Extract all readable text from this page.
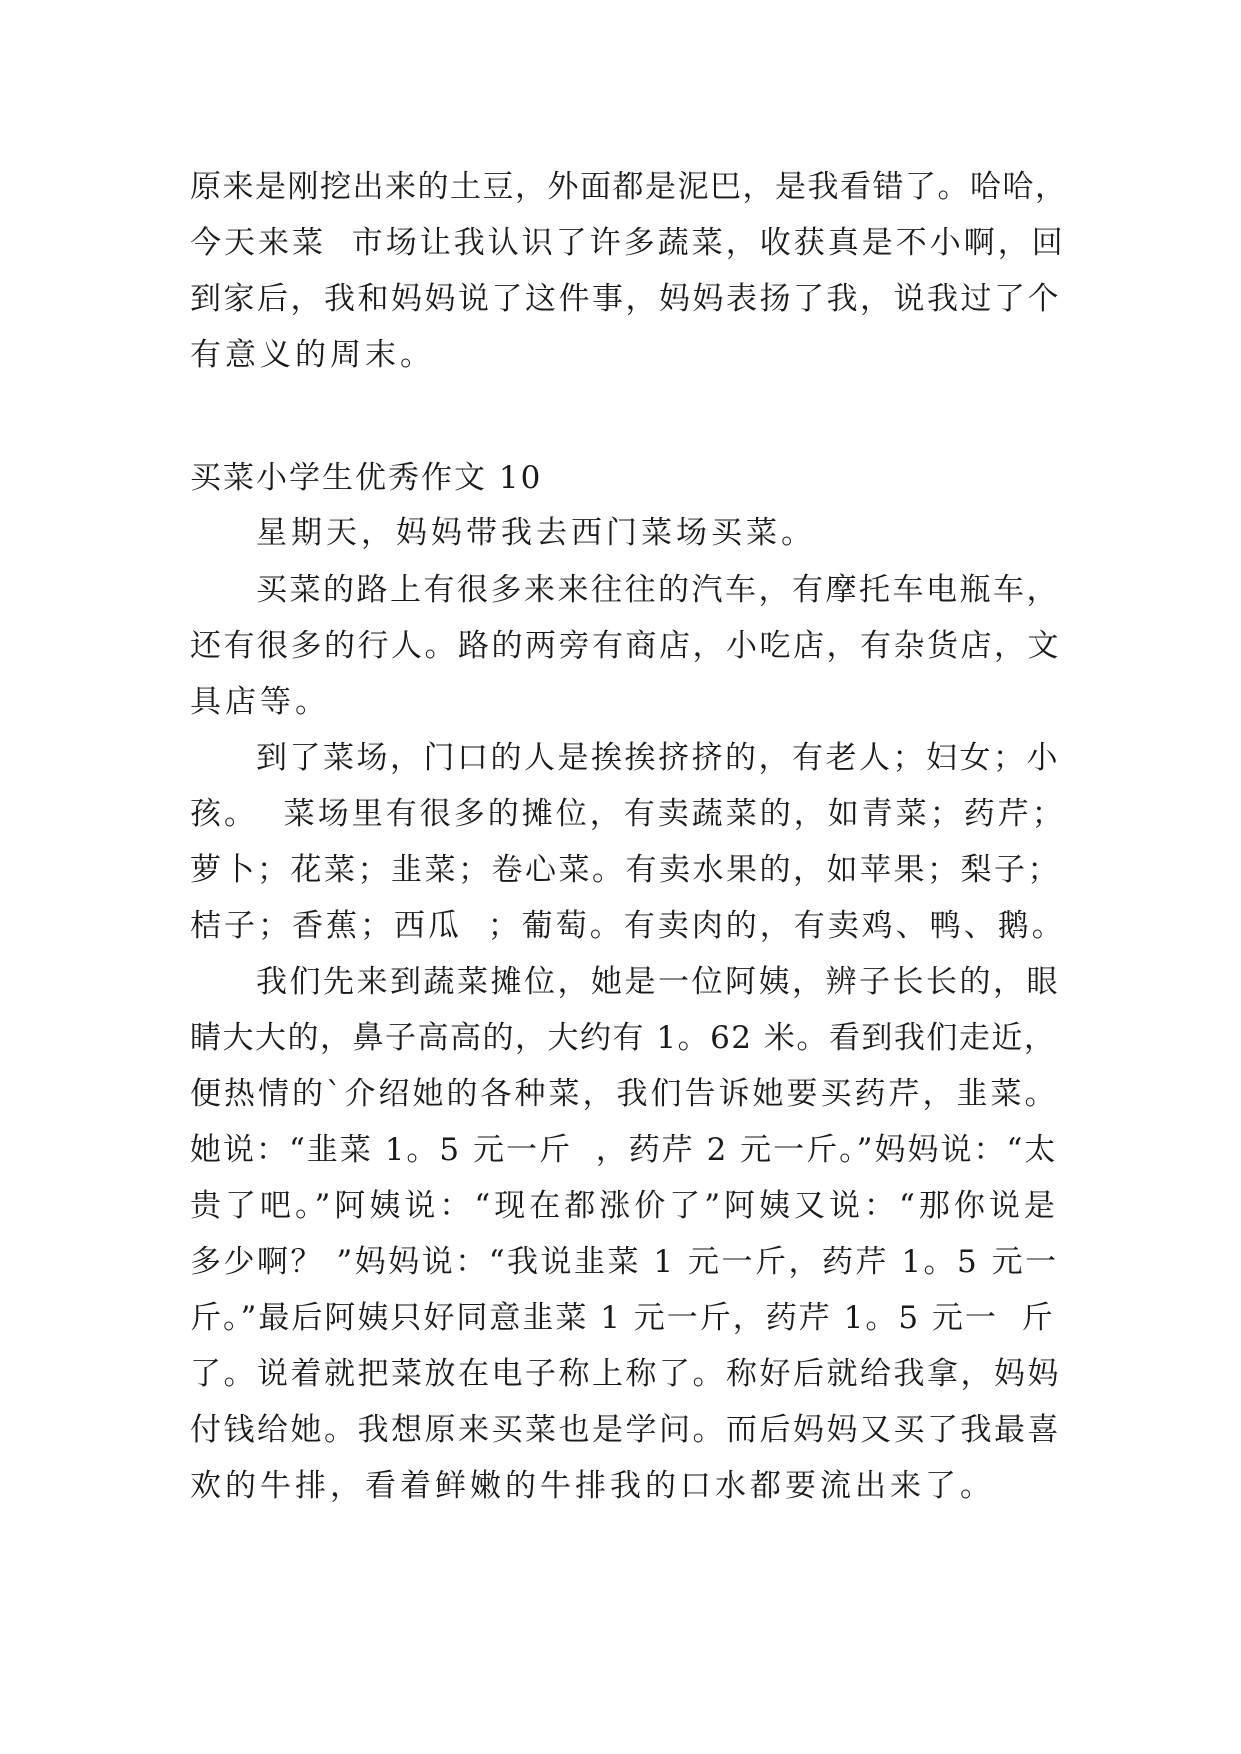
原来是刚挖出来的土豆，外面都是泥巴，是我看错了。哈哈，
今天来菜  市场让我认识了许多蔬菜，收获真是不小啊，回
到家后，我和妈妈说了这件事，妈妈表扬了我，说我过了个
有意义的周末。
买菜小学生优秀作文 10
星期天，妈妈带我去西门菜场买菜。
买菜的路上有很多来来往往的汽车，有摩托车电瓶车，
还有很多的行人。路的两旁有商店，小吃店，有杂货店，文
具店等。
到了菜场，门口的人是挨挨挤挤的，有老人；妇女；小
孩。  菜场里有很多的摊位，有卖蔬菜的，如青菜；药芹；
萝卜；花菜；韭菜；卷心菜。有卖水果的，如苹果；梨子；
桔子；香蕉；西瓜  ；葡萄。有卖肉的，有卖鸡、鸭、鹅。
我们先来到蔬菜摊位，她是一位阿姨，辨子长长的，眼
睛大大的，鼻子高高的，大约有 1。62 米。看到我们走近，
便热情的`介绍她的各种菜，我们告诉她要买药芹，韭菜。
她说：“韭菜 1。5 元一斤  ，药芹 2 元一斤。”妈妈说：“太
贵了吧。”阿姨说：“现在都涨价了”阿姨又说：“那你说是
多少啊？ ”妈妈说：“我说韭菜 1 元一斤，药芹 1。5 元一
斤。”最后阿姨只好同意韭菜 1 元一斤，药芹 1。5 元一  斤
了。说着就把菜放在电子称上称了。称好后就给我拿，妈妈
付钱给她。我想原来买菜也是学问。而后妈妈又买了我最喜
欢的牛排，看着鲜嫩的牛排我的口水都要流出来了。
